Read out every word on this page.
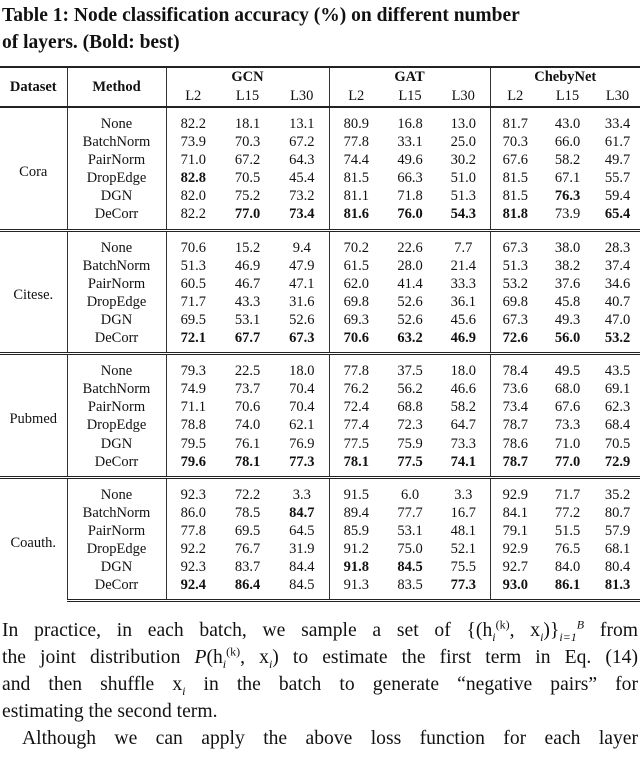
Table 1: Node classification accuracy (%) on different number
of layers. (Bold: best)
Dataset	Method	GCN			GAT			ChebyNet		
		L2	L15	L30	L2	L15	L30	L2	L15	L30
Cora	None	82.2	18.1	13.1	80.9	16.8	13.0	81.7	43.0	33.4
	BatchNorm	73.9	70.3	67.2	77.8	33.1	25.0	70.3	66.0	61.7
	PairNorm	71.0	67.2	64.3	74.4	49.6	30.2	67.6	58.2	49.7
	DropEdge	82.8	70.5	45.4	81.5	66.3	51.0	81.5	67.1	55.7
	DGN	82.0	75.2	73.2	81.1	71.8	51.3	81.5	76.3	59.4
	DeCorr	82.2	77.0	73.4	81.6	76.0	54.3	81.8	73.9	65.4
Citese.	None	70.6	15.2	9.4	70.2	22.6	7.7	67.3	38.0	28.3
	BatchNorm	51.3	46.9	47.9	61.5	28.0	21.4	51.3	38.2	37.4
	PairNorm	60.5	46.7	47.1	62.0	41.4	33.3	53.2	37.6	34.6
	DropEdge	71.7	43.3	31.6	69.8	52.6	36.1	69.8	45.8	40.7
	DGN	69.5	53.1	52.6	69.3	52.6	45.6	67.3	49.3	47.0
	DeCorr	72.1	67.7	67.3	70.6	63.2	46.9	72.6	56.0	53.2
Pubmed	None	79.3	22.5	18.0	77.8	37.5	18.0	78.4	49.5	43.5
	BatchNorm	74.9	73.7	70.4	76.2	56.2	46.6	73.6	68.0	69.1
	PairNorm	71.1	70.6	70.4	72.4	68.8	58.2	73.4	67.6	62.3
	DropEdge	78.8	74.0	62.1	77.4	72.3	64.7	78.7	73.3	68.4
	DGN	79.5	76.1	76.9	77.5	75.9	73.3	78.6	71.0	70.5
	DeCorr	79.6	78.1	77.3	78.1	77.5	74.1	78.7	77.0	72.9
Coauth.	None	92.3	72.2	3.3	91.5	6.0	3.3	92.9	71.7	35.2
	BatchNorm	86.0	78.5	84.7	89.4	77.7	16.7	84.1	77.2	80.7
	PairNorm	77.8	69.5	64.5	85.9	53.1	48.1	79.1	51.5	57.9
	DropEdge	92.2	76.7	31.9	91.2	75.0	52.1	92.9	76.5	68.1
	DGN	92.3	83.7	84.4	91.8	84.5	75.5	92.7	84.0	80.4
	DeCorr	92.4	86.4	84.5	91.3	83.5	77.3	93.0	86.1	81.3
In practice, in each batch, we sample a set of {($h_i^{(k)}$, $x_i)\}_{i=1}^B$ from
the joint distribution $P(h_i^{(k)}$, $x_i$) to estimate the first term in Eq. (14)
and then shuffle $x_i$ in the batch to generate “negative pairs” for
estimating the second term.
Although we can apply the above loss function for each layer
